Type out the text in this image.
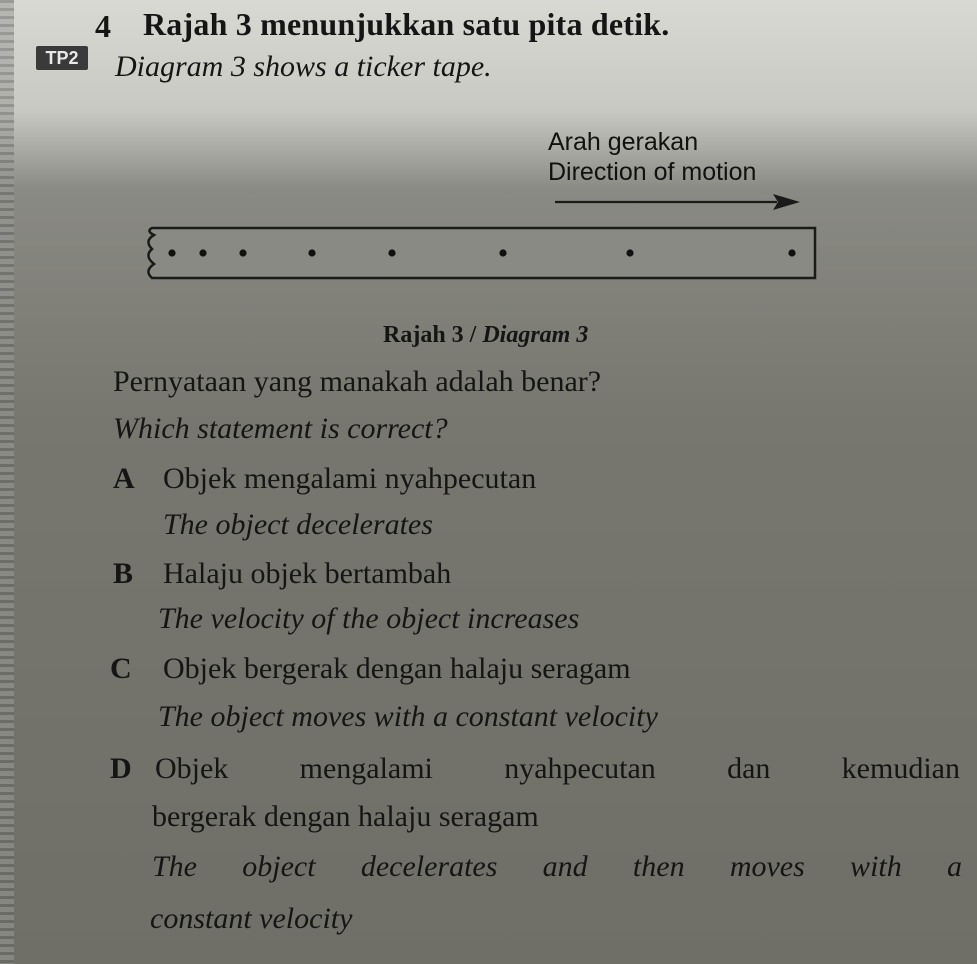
4 Rajah 3 menunjukkan satu pita detik.
TP2	Diagram 3 shows a ticker tape.
Arah gerakan
Direction of motion
Rajah 3 / Diagram 3
Pernyataan yang manakah adalah benar?
Which statement is correct?
A Objek mengalami nyahpecutan
The object decelerates
B Halaju objek bertambah
The velocity of the object increases
C Objek bergerak dengan halaju seragam
The object moves with a constant velocity
D Objek mengalami nyahpecutan dan kemudian
bergerak dengan halaju seragam
The object decelerates and then moves with a
constant velocity
